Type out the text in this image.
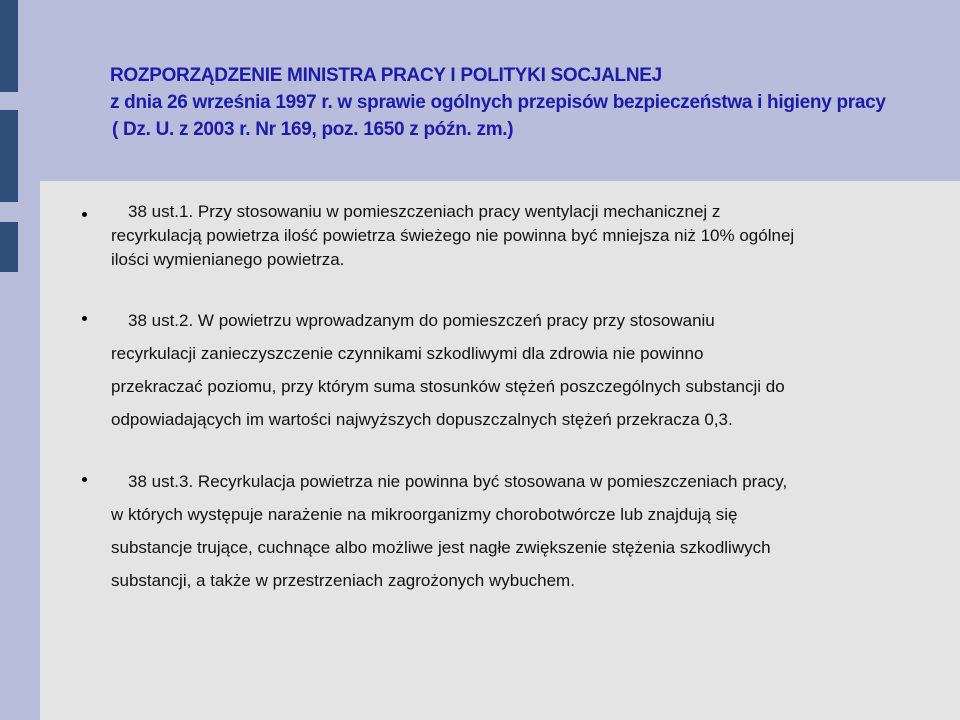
ROZPORZĄDZENIE MINISTRA PRACY I POLITYKI SOCJALNEJ
z dnia 26 września 1997 r. w sprawie ogólnych przepisów bezpieczeństwa i higieny pracy
( Dz. U. z 2003 r. Nr 169, poz. 1650 z późn. zm.)
38 ust.1. Przy stosowaniu w pomieszczeniach pracy wentylacji mechanicznej z
recyrkulacją powietrza ilość powietrza świeżego nie powinna być mniejsza niż 10% ogólnej
ilości wymienianego powietrza.
38 ust.2. W powietrzu wprowadzanym do pomieszczeń pracy przy stosowaniu
recyrkulacji zanieczyszczenie czynnikami szkodliwymi dla zdrowia nie powinno
przekraczać poziomu, przy którym suma stosunków stężeń poszczególnych substancji do
odpowiadających im wartości najwyższych dopuszczalnych stężeń przekracza 0,3.
38 ust.3. Recyrkulacja powietrza nie powinna być stosowana w pomieszczeniach pracy,
w których występuje narażenie na mikroorganizmy chorobotwórcze lub znajdują się
substancje trujące, cuchnące albo możliwe jest nagłe zwiększenie stężenia szkodliwych
substancji, a także w przestrzeniach zagrożonych wybuchem.
